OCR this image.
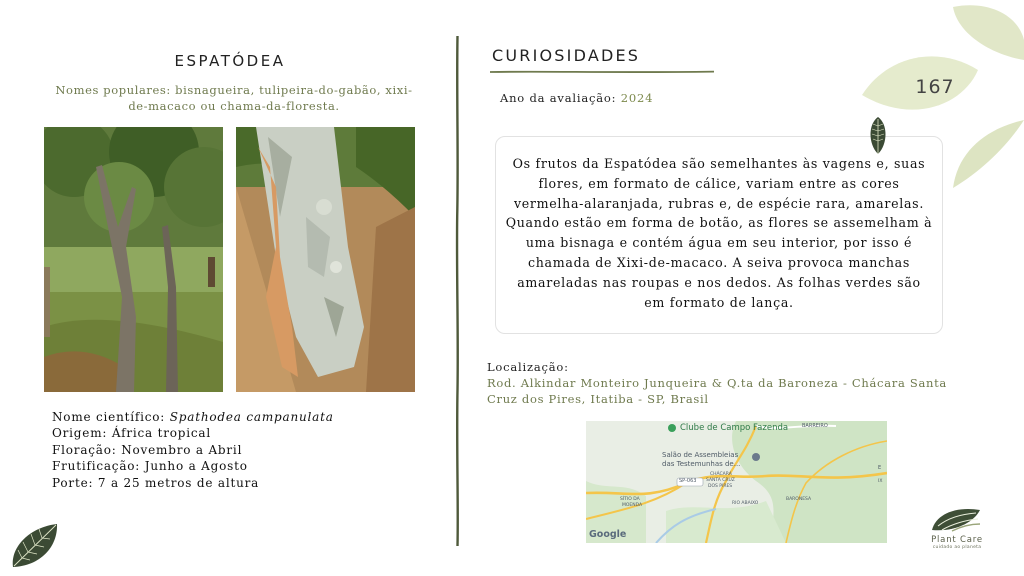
ESPATÓDEA
Nomes populares: bisnagueira, tulipeira-do-gabão, xixi-de-macaco ou chama-da-floresta.
Nome científico: Spathodea campanulata
Origem: África tropical
Floração: Novembro a Abril
Frutificação: Junho a Agosto
Porte: 7 a 25 metros de altura
CURIOSIDADES
Ano da avaliação: 2024	167
Os frutos da Espatódea são semelhantes às vagens e, suas flores, em formato de cálice, variam entre as cores vermelha-alaranjada, rubras e, de espécie rara, amarelas. Quando estão em forma de botão, as flores se assemelham à uma bisnaga e contém água em seu interior, por isso é chamada de Xixi-de-macaco. A seiva provoca manchas amareladas nas roupas e nos dedos. As folhas verdes são em formato de lança.
Localização:
Rod. Alkindar Monteiro Junqueira & Q.ta da Baroneza - Chácara Santa Cruz dos Pires, Itatiba - SP, Brasil
Clube de Campo Fazenda	BARREIRO
Salão de Assembleias
das Testemunhas de...
CHÁCARA
SANTA CRUZ
DOS PIRES
SP-063
SÍTIO DA
MOENDA	RIO ABAIXO
BARONESA
E
IX
Google	Plant Care
cuidado ao planeta
